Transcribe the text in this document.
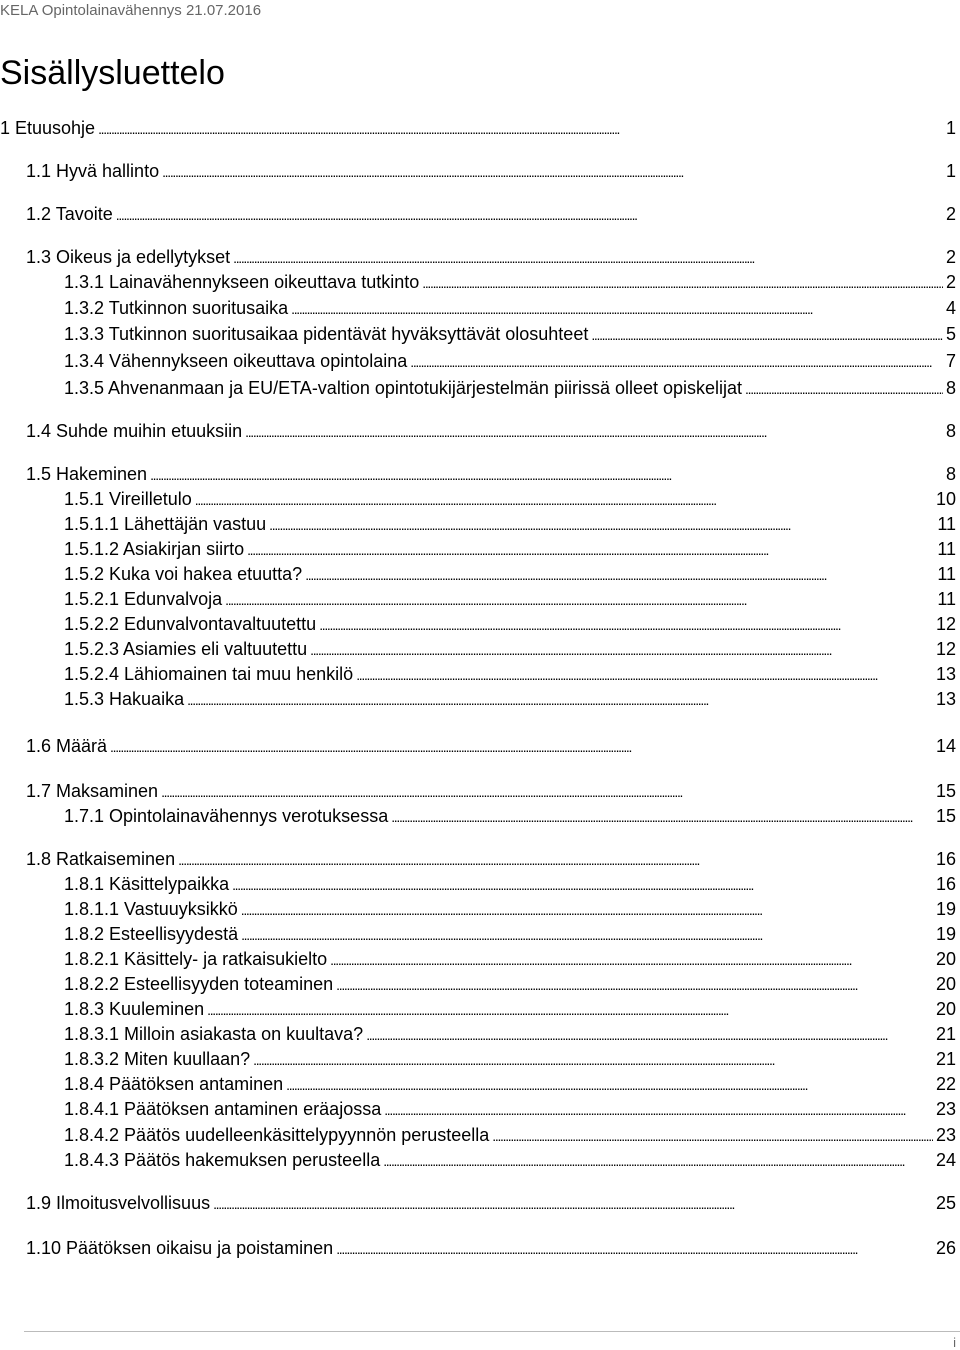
KELA Opintolainavähennys 21.07.2016
Sisällysluettelo
1 Etuusohje . . .	1
1.1 Hyvä hallinto . . .	1
1.2 Tavoite . . .	2
1.3 Oikeus ja edellytykset . . .	2
1.3.1 Lainavähennykseen oikeuttava tutkinto . . .	2
1.3.2 Tutkinnon suoritusaika . . .	4
1.3.3 Tutkinnon suoritusaikaa pidentävät hyväksyttävät olosuhteet . . .	5
1.3.4 Vähennykseen oikeuttava opintolaina . . .	7
1.3.5 Ahvenanmaan ja EU/ETA-valtion opintotukijärjestelmän piirissä olleet opiskelijat . . .	8
1.4 Suhde muihin etuuksiin . . .	8
1.5 Hakeminen . . .	8
1.5.1 Vireilletulo . . .	10
1.5.1.1 Lähettäjän vastuu . . .	11
1.5.1.2 Asiakirjan siirto . . .	11
1.5.2 Kuka voi hakea etuutta? . . .	11
1.5.2.1 Edunvalvoja . . .	11
1.5.2.2 Edunvalvontavaltuutettu . . .	12
1.5.2.3 Asiamies eli valtuutettu . . .	12
1.5.2.4 Lähiomainen tai muu henkilö . . .	13
1.5.3 Hakuaika . . .	13
1.6 Määrä . . .	14
1.7 Maksaminen . . .	15
1.7.1 Opintolainavähennys verotuksessa . . .	15
1.8 Ratkaiseminen . . .	16
1.8.1 Käsittelypaikka . . .	16
1.8.1.1 Vastuuyksikkö . . .	19
1.8.2 Esteellisyydestä . . .	19
1.8.2.1 Käsittely- ja ratkaisukielto . . .	20
1.8.2.2 Esteellisyyden toteaminen . . .	20
1.8.3 Kuuleminen . . .	20
1.8.3.1 Milloin asiakasta on kuultava? . . .	21
1.8.3.2 Miten kuullaan? . . .	21
1.8.4 Päätöksen antaminen . . .	22
1.8.4.1 Päätöksen antaminen eräajossa . . .	23
1.8.4.2 Päätös uudelleenkäsittelypyynnön perusteella . . .	23
1.8.4.3 Päätös hakemuksen perusteella . . .	24
1.9 Ilmoitusvelvollisuus . . .	25
1.10 Päätöksen oikaisu ja poistaminen . . .	26
i
